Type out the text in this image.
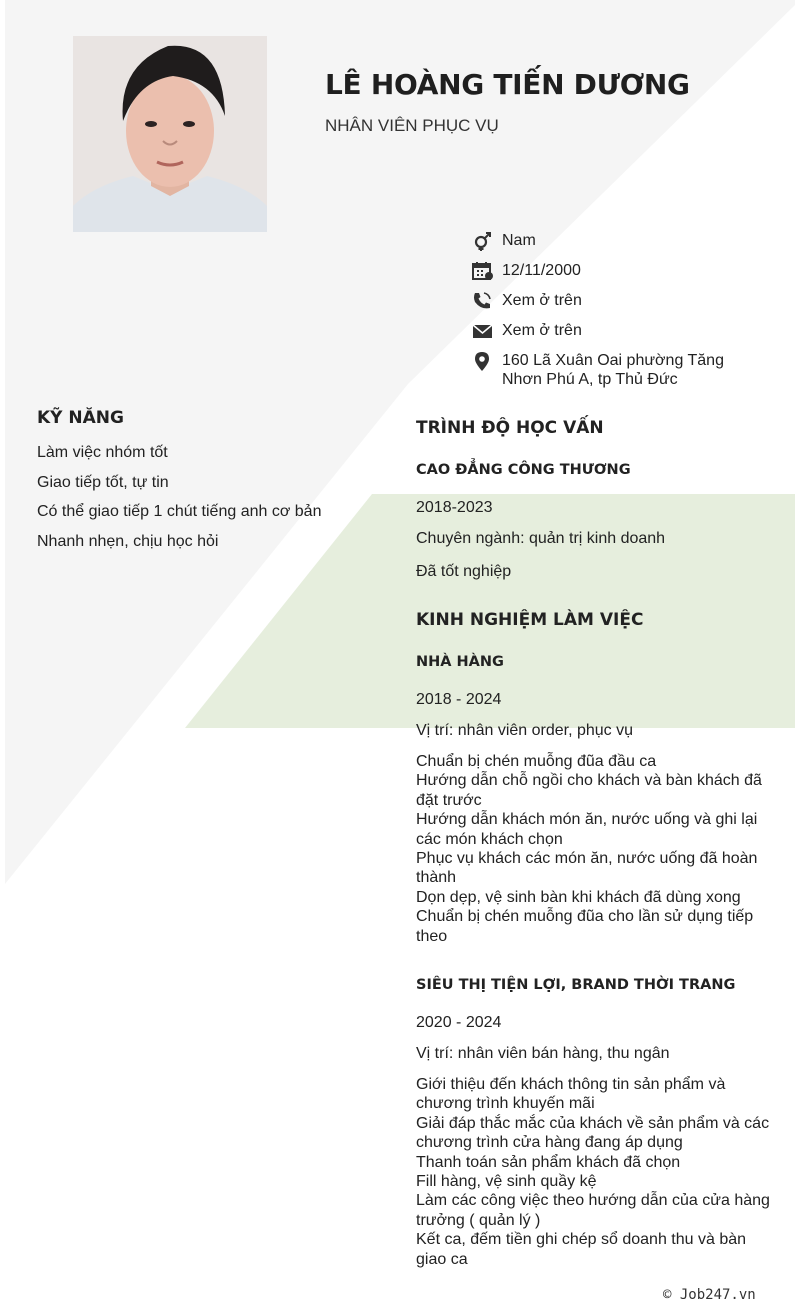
LÊ HOÀNG TIẾN DƯƠNG
NHÂN VIÊN PHỤC VỤ
Nam
12/11/2000
Xem ở trên
Xem ở trên
160 Lã Xuân Oai phường Tăng
Nhơn Phú A, tp Thủ Đức
KỸ NĂNG
Làm việc nhóm tốt
Giao tiếp tốt, tự tin
Có thể giao tiếp 1 chút tiếng anh cơ bản
Nhanh nhẹn, chịu học hỏi
TRÌNH ĐỘ HỌC VẤN
CAO ĐẲNG CÔNG THƯƠNG
2018-2023
Chuyên ngành: quản trị kinh doanh
Đã tốt nghiệp
KINH NGHIỆM LÀM VIỆC
NHÀ HÀNG
2018 - 2024
Vị trí: nhân viên order, phục vụ
Chuẩn bị chén muỗng đũa đầu ca
Hướng dẫn chỗ ngồi cho khách và bàn khách đã
đặt trước
Hướng dẫn khách món ăn, nước uống và ghi lại
các món khách chọn
Phục vụ khách các món ăn, nước uống đã hoàn
thành
Dọn dẹp, vệ sinh bàn khi khách đã dùng xong
Chuẩn bị chén muỗng đũa cho lần sử dụng tiếp
theo
SIÊU THỊ TIỆN LỢI, BRAND THỜI TRANG
2020 - 2024
Vị trí: nhân viên bán hàng, thu ngân
Giới thiệu đến khách thông tin sản phẩm và
chương trình khuyến mãi
Giải đáp thắc mắc của khách về sản phẩm và các
chương trình cửa hàng đang áp dụng
Thanh toán sản phẩm khách đã chọn
Fill hàng, vệ sinh quầy kệ
Làm các công việc theo hướng dẫn của cửa hàng
trưởng ( quản lý )
Kết ca, đếm tiền ghi chép sổ doanh thu và bàn
giao ca
© Job247.vn
